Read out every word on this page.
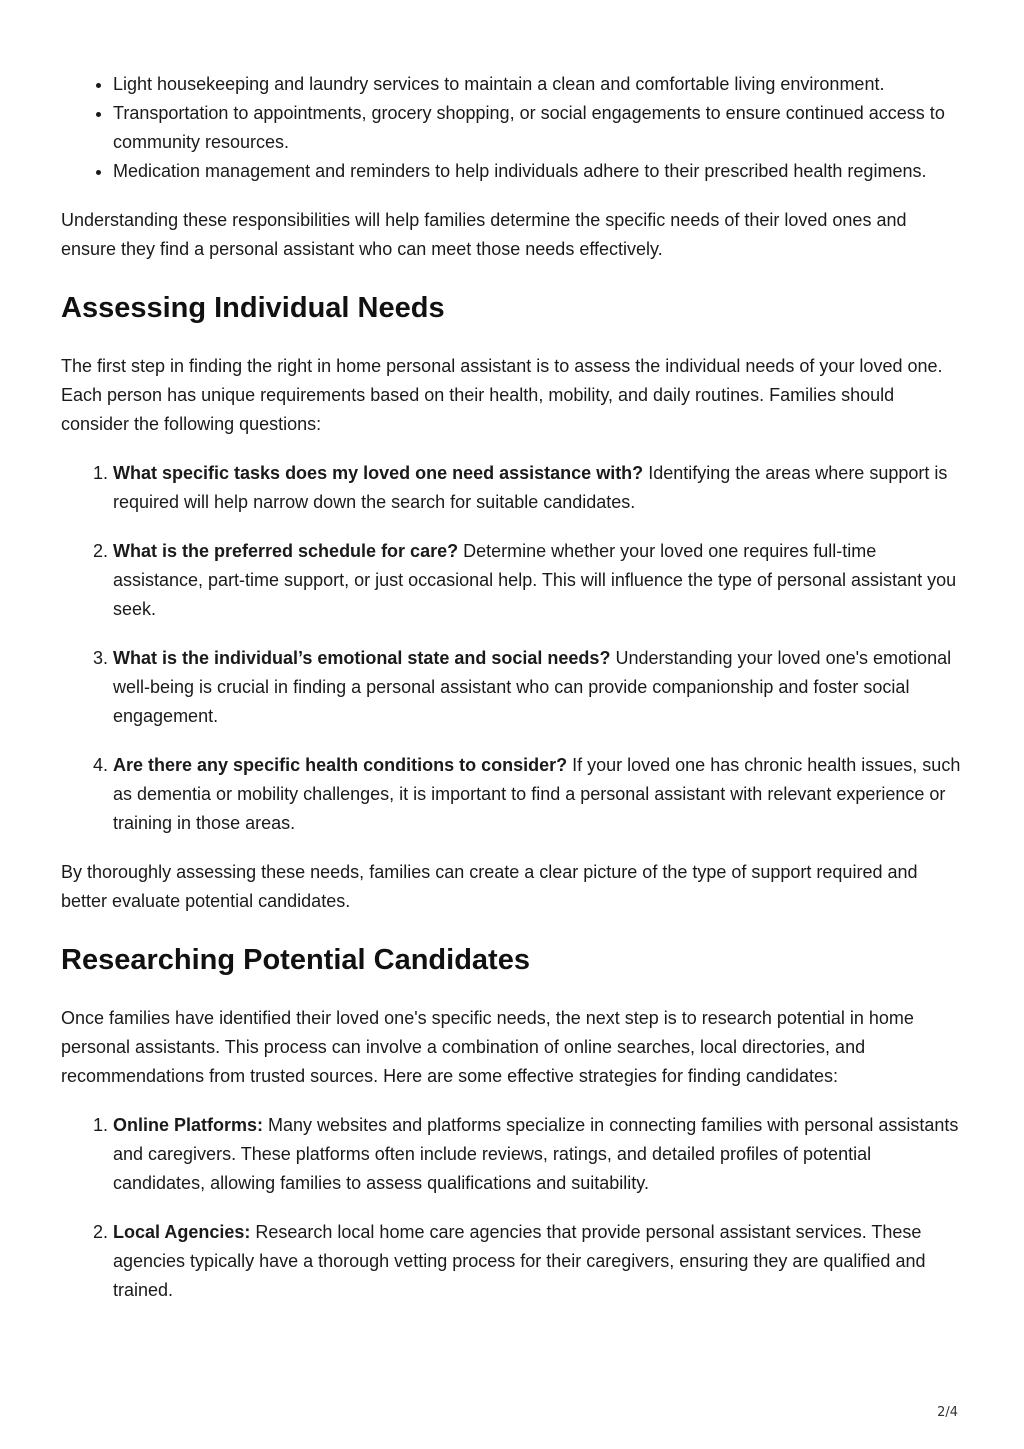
• Light housekeeping and laundry services to maintain a clean and comfortable living environment.
• Transportation to appointments, grocery shopping, or social engagements to ensure continued access to community resources.
• Medication management and reminders to help individuals adhere to their prescribed health regimens.

Understanding these responsibilities will help families determine the specific needs of their loved ones and ensure they find a personal assistant who can meet those needs effectively.

Assessing Individual Needs

The first step in finding the right in home personal assistant is to assess the individual needs of your loved one. Each person has unique requirements based on their health, mobility, and daily routines. Families should consider the following questions:

1. What specific tasks does my loved one need assistance with? Identifying the areas where support is required will help narrow down the search for suitable candidates.
2. What is the preferred schedule for care? Determine whether your loved one requires full-time assistance, part-time support, or just occasional help. This will influence the type of personal assistant you seek.
3. What is the individual’s emotional state and social needs? Understanding your loved one's emotional well-being is crucial in finding a personal assistant who can provide companionship and foster social engagement.
4. Are there any specific health conditions to consider? If your loved one has chronic health issues, such as dementia or mobility challenges, it is important to find a personal assistant with relevant experience or training in those areas.

By thoroughly assessing these needs, families can create a clear picture of the type of support required and better evaluate potential candidates.

Researching Potential Candidates

Once families have identified their loved one's specific needs, the next step is to research potential in home personal assistants. This process can involve a combination of online searches, local directories, and recommendations from trusted sources. Here are some effective strategies for finding candidates:

1. Online Platforms: Many websites and platforms specialize in connecting families with personal assistants and caregivers. These platforms often include reviews, ratings, and detailed profiles of potential candidates, allowing families to assess qualifications and suitability.
2. Local Agencies: Research local home care agencies that provide personal assistant services. These agencies typically have a thorough vetting process for their caregivers, ensuring they are qualified and trained.
2/4
